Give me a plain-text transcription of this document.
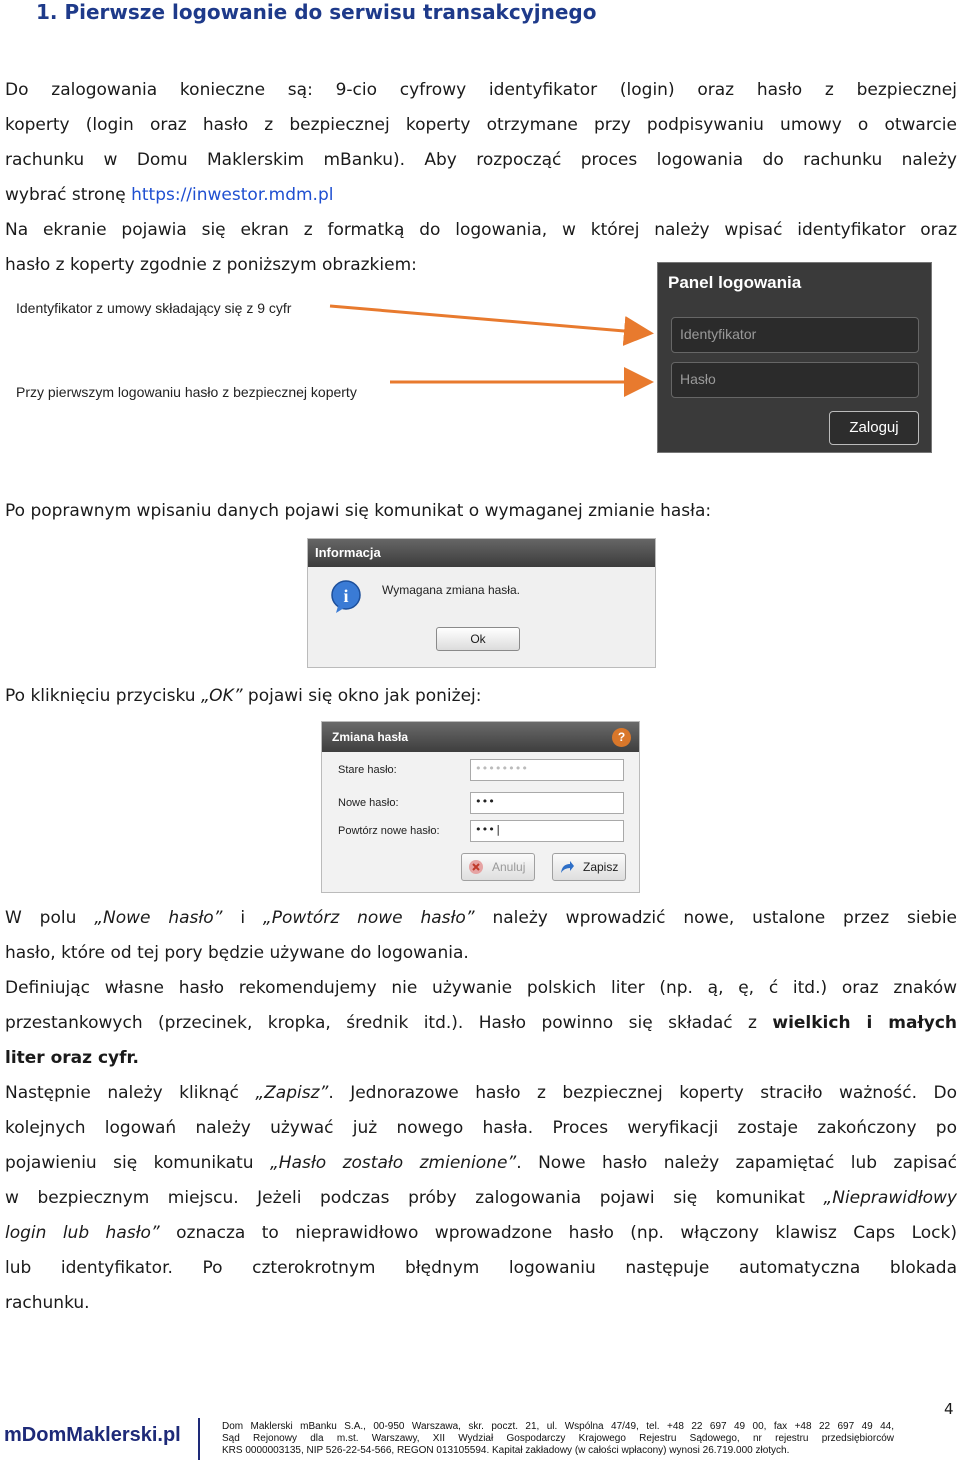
1. Pierwsze logowanie do serwisu transakcyjnego

Do zalogowania konieczne są: 9-cio cyfrowy identyfikator (login) oraz hasło z bezpiecznej

koperty (login oraz hasło z bezpiecznej koperty otrzymane przy podpisywaniu umowy o otwarcie

rachunku w Domu Maklerskim mBanku). Aby rozpocząć proces logowania do rachunku należy

wybrać stronę https://inwestor.mdm.pl

Na ekranie pojawia się ekran z formatką do logowania, w której należy wpisać identyfikator oraz

hasło z koperty zgodnie z poniższym obrazkiem:

Identyfikator z umowy składający się z 9 cyfr
Przy pierwszym logowaniu hasło z bezpiecznej koperty
Panel logowania
Identyfikator
Hasło
Zaloguj

Po poprawnym wpisaniu danych pojawi się komunikat o wymaganej zmianie hasła:

Informacja
i	Wymagana zmiana hasła.
Ok

Po kliknięciu przycisku „OK” pojawi się okno jak poniżej:

Zmiana hasła	?
Stare hasło:	••••••••
Nowe hasło:	•••
Powtórz nowe hasło:	•••|
Anuluj	Zapisz

W polu „Nowe hasło” i „Powtórz nowe hasło” należy wprowadzić nowe, ustalone przez siebie

hasło, które od tej pory będzie używane do logowania.

Definiując własne hasło rekomendujemy nie używanie polskich liter (np. ą, ę, ć itd.) oraz znaków

przestankowych (przecinek, kropka, średnik itd.). Hasło powinno się składać z wielkich i małych

liter oraz cyfr.

Następnie należy kliknąć „Zapisz”. Jednorazowe hasło z bezpiecznej koperty straciło ważność. Do

kolejnych logowań należy używać już nowego hasła. Proces weryfikacji zostaje zakończony po

pojawieniu się komunikatu „Hasło zostało zmienione”. Nowe hasło należy zapamiętać lub zapisać

w bezpiecznym miejscu. Jeżeli podczas próby zalogowania pojawi się komunikat „Nieprawidłowy

login lub hasło” oznacza to nieprawidłowo wprowadzone hasło (np. włączony klawisz Caps Lock)

lub identyfikator. Po czterokrotnym błędnym logowaniu następuje automatyczna blokada

rachunku.

4
mDomMaklerski.pl	Dom Maklerski mBanku S.A., 00-950 Warszawa, skr. poczt. 21, ul. Wspólna 47/49, tel. +48 22 697 49 00, fax +48 22 697 49 44,
Sąd Rejonowy dla m.st. Warszawy, XII Wydział Gospodarczy Krajowego Rejestru Sądowego, nr rejestru przedsiębiorców
KRS 0000003135, NIP 526-22-54-566, REGON 013105594. Kapitał zakładowy (w całości wpłacony) wynosi 26.719.000 złotych.
